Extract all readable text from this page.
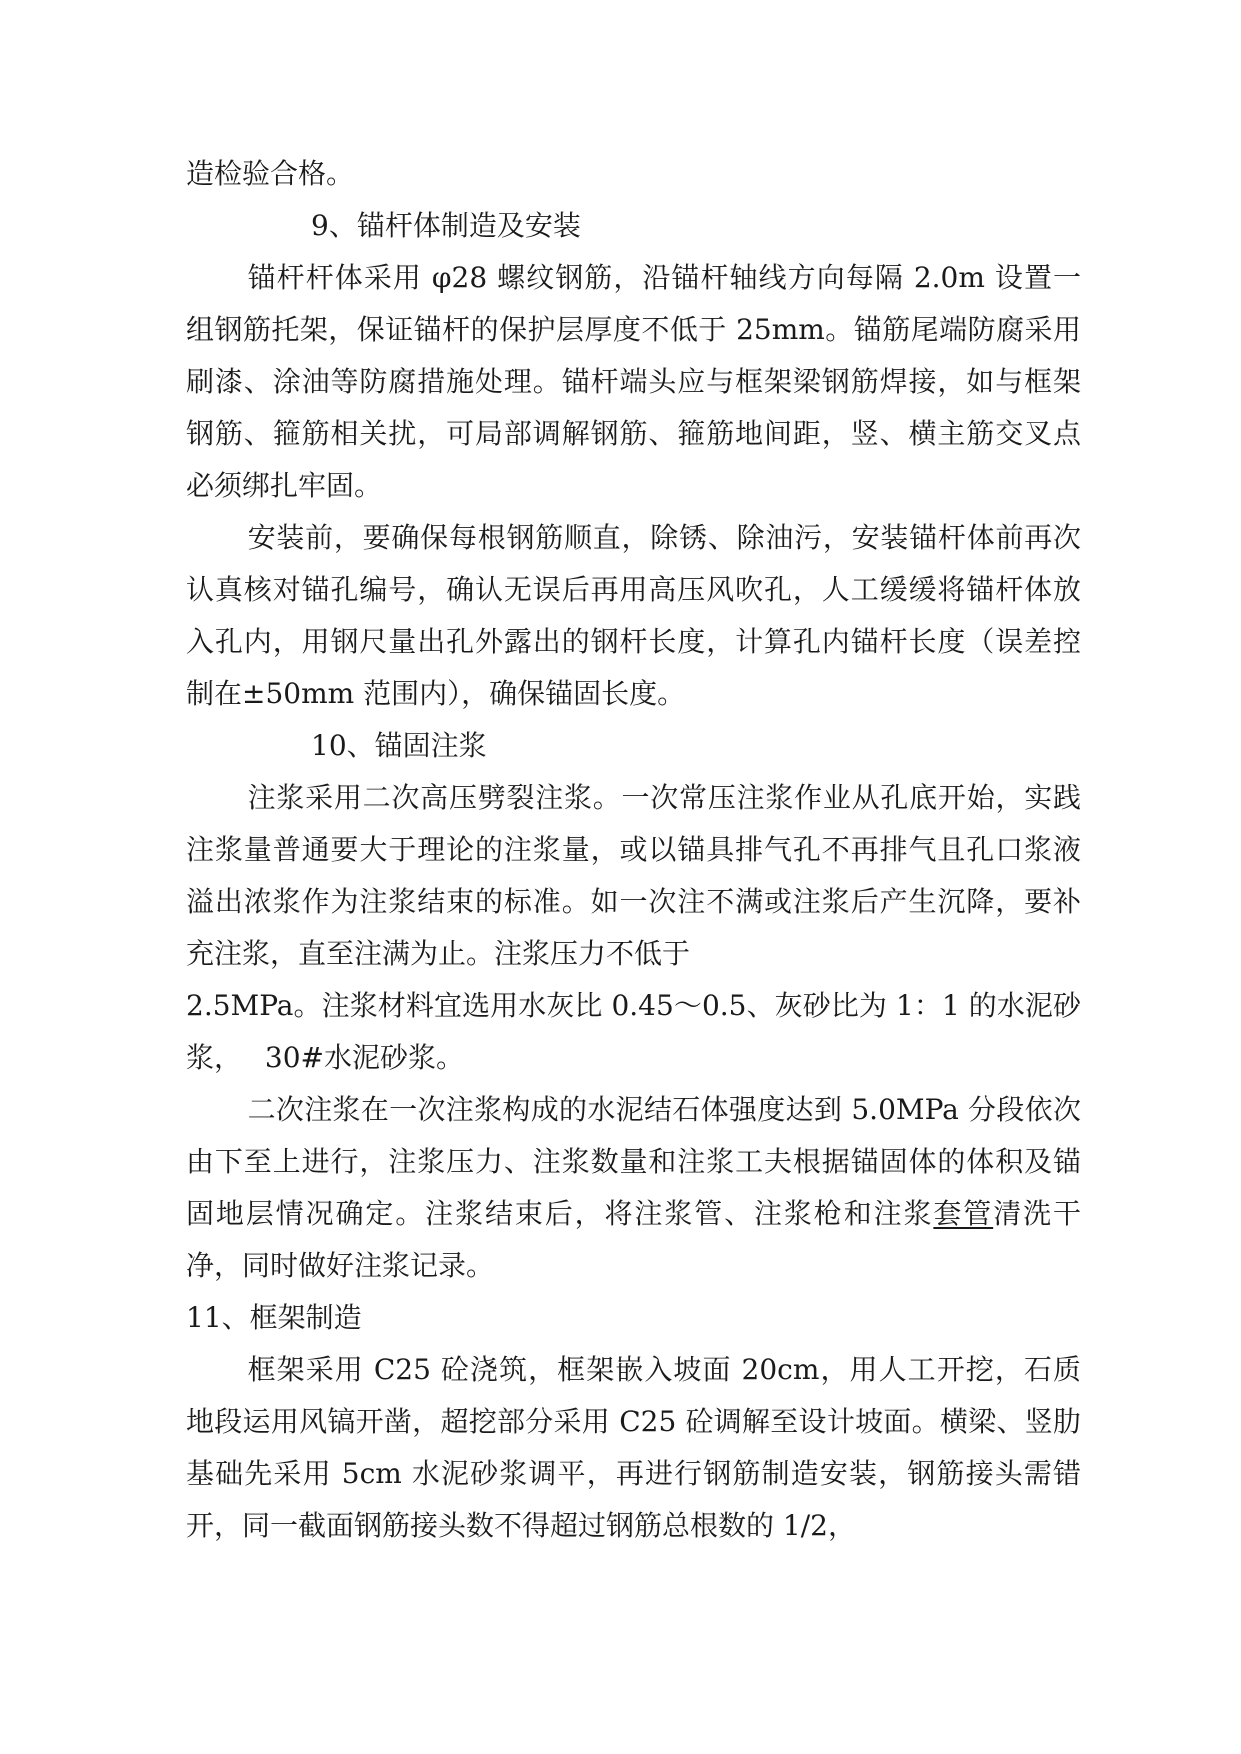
造检验合格。

9、锚杆体制造及安装

锚杆杆体采用 φ28 螺纹钢筋，沿锚杆轴线方向每隔 2.0m 设置一组钢筋托架，保证锚杆的保护层厚度不低于 25mm。锚筋尾端防腐采用刷漆、涂油等防腐措施处理。锚杆端头应与框架梁钢筋焊接，如与框架钢筋、箍筋相关扰，可局部调解钢筋、箍筋地间距，竖、横主筋交叉点必须绑扎牢固。

安装前，要确保每根钢筋顺直，除锈、除油污，安装锚杆体前再次认真核对锚孔编号，确认无误后再用高压风吹孔，人工缓缓将锚杆体放入孔内，用钢尺量出孔外露出的钢杆长度，计算孔内锚杆长度（误差控制在±50mm 范围内），确保锚固长度。

10、锚固注浆

注浆采用二次高压劈裂注浆。一次常压注浆作业从孔底开始，实践注浆量普通要大于理论的注浆量，或以锚具排气孔不再排气且孔口浆液溢出浓浆作为注浆结束的标准。如一次注不满或注浆后产生沉降，要补充注浆，直至注满为止。注浆压力不低于

2.5MPa。注浆材料宜选用水灰比 0.45～0.5、灰砂比为 1：1 的水泥砂浆，　 30#水泥砂浆。

二次注浆在一次注浆构成的水泥结石体强度达到 5.0MPa 分段依次由下至上进行，注浆压力、注浆数量和注浆工夫根据锚固体的体积及锚固地层情况确定。注浆结束后，将注浆管、注浆枪和注浆套管清洗干净，同时做好注浆记录。

11、框架制造

框架采用 C25 砼浇筑，框架嵌入坡面 20cm，用人工开挖，石质地段运用风镐开凿，超挖部分采用 C25 砼调解至设计坡面。横梁、竖肋基础先采用 5cm 水泥砂浆调平，再进行钢筋制造安装，钢筋接头需错开，同一截面钢筋接头数不得超过钢筋总根数的 1/2，
